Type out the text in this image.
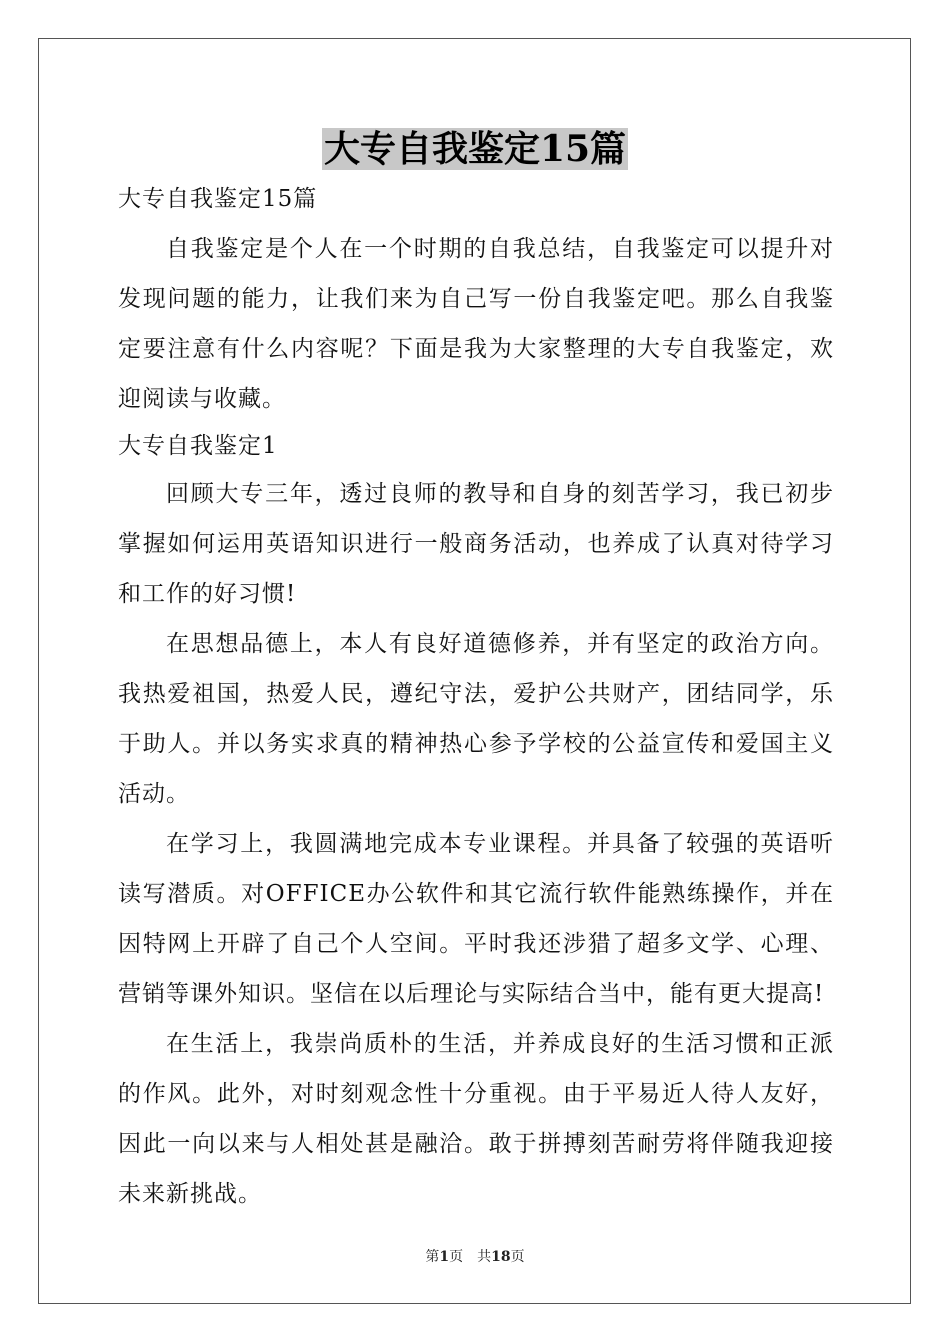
大专自我鉴定15篇

大专自我鉴定15篇

自我鉴定是个人在一个时期的自我总结，自我鉴定可以提升对发现问题的能力，让我们来为自己写一份自我鉴定吧。那么自我鉴定要注意有什么内容呢？下面是我为大家整理的大专自我鉴定，欢迎阅读与收藏。

大专自我鉴定1

回顾大专三年，透过良师的教导和自身的刻苦学习，我已初步掌握如何运用英语知识进行一般商务活动，也养成了认真对待学习和工作的好习惯!

在思想品德上，本人有良好道德修养，并有坚定的政治方向。我热爱祖国，热爱人民，遵纪守法，爱护公共财产，团结同学，乐于助人。并以务实求真的精神热心参予学校的公益宣传和爱国主义活动。

在学习上，我圆满地完成本专业课程。并具备了较强的英语听读写潜质。对OFFICE办公软件和其它流行软件能熟练操作，并在因特网上开辟了自己个人空间。平时我还涉猎了超多文学、心理、营销等课外知识。坚信在以后理论与实际结合当中，能有更大提高!

在生活上，我崇尚质朴的生活，并养成良好的生活习惯和正派的作风。此外，对时刻观念性十分重视。由于平易近人待人友好，因此一向以来与人相处甚是融洽。敢于拼搏刻苦耐劳将伴随我迎接未来新挑战。

第1页 共18页
